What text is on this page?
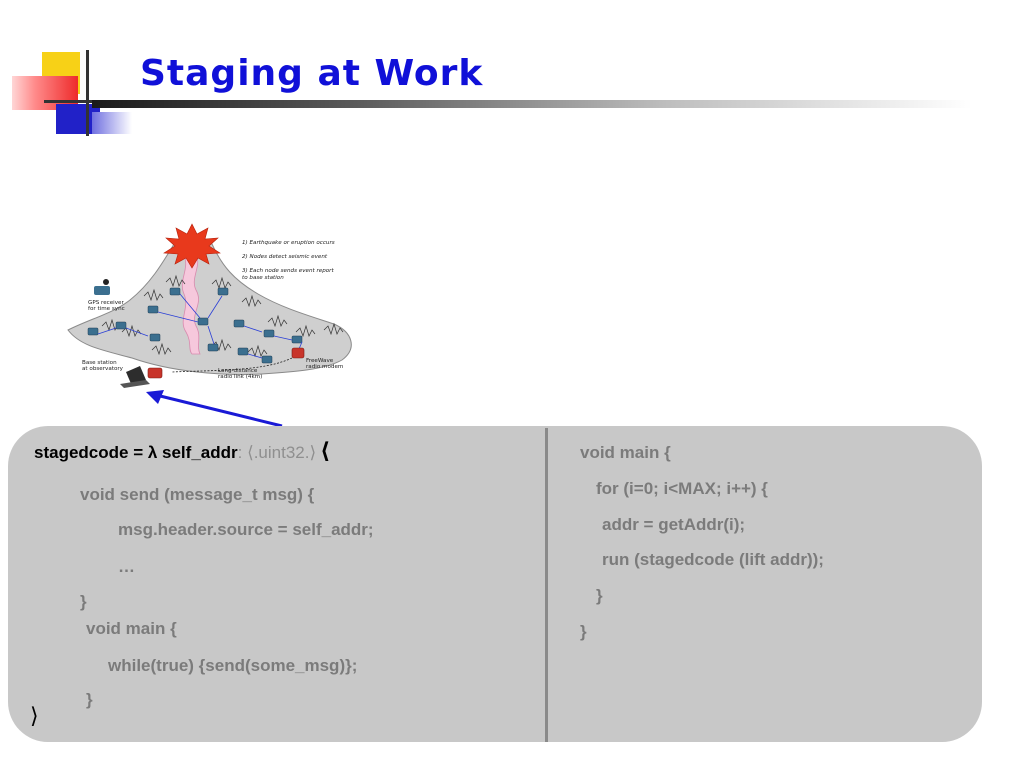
Staging at Work
1) Earthquake or eruption occurs
2) Nodes detect seismic event
3) Each node sends event report
to base station
GPS receiver for time sync
Base station at observatory	Long-distance radio link (4km)
FreeWave radio modem
stagedcode = λ self_addr: ⟨.uint32.⟩ ⟨
void send (message_t msg) {
msg.header.source = self_addr;
…
}
void main {
while(true) {send(some_msg)};
}
⟩
void main {
for (i=0; i<MAX; i++) {
addr = getAddr(i);
run (stagedcode (lift addr));
}
}
